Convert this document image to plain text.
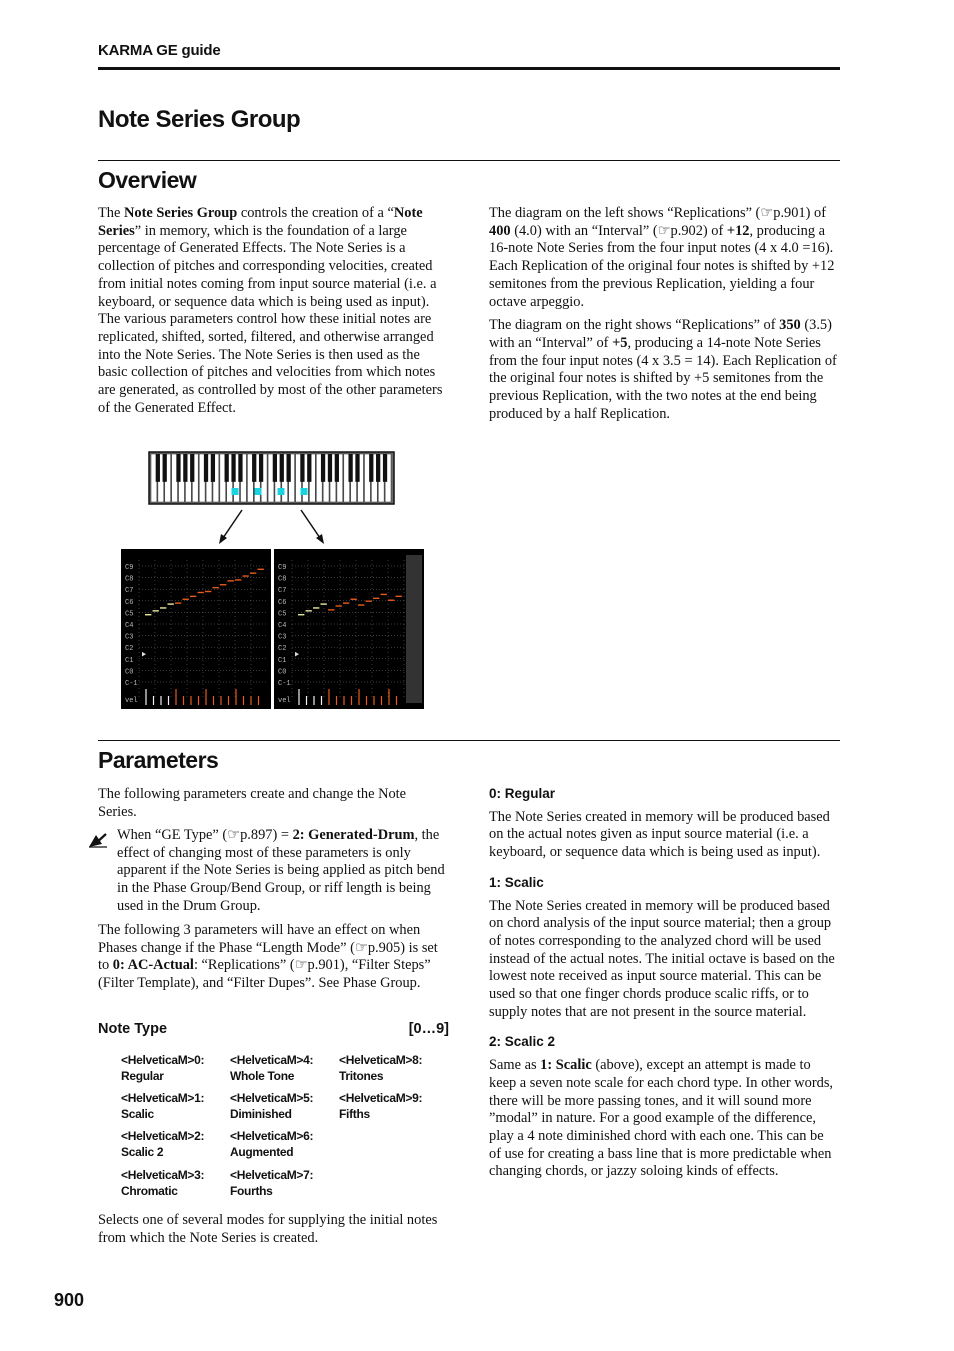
KARMA GE guide
Note Series Group
Overview

The Note Series Group controls the creation of a “Note Series” in memory, which is the foundation of a large percentage of Generated Effects. The Note Series is a collection of pitches and corresponding velocities, created from initial notes coming from input source material (i.e. a keyboard, or sequence data which is being used as input). The various parameters control how these initial notes are replicated, shifted, sorted, filtered, and otherwise arranged into the Note Series. The Note Series is then used as the basic collection of pitches and velocities from which notes are generated, as controlled by most of the other parameters of the Generated Effect.

The diagram on the left shows “Replications” (☞p.901) of 400 (4.0) with an “Interval” (☞p.902) of +12, producing a 16-note Note Series from the four input notes (4 x 4.0 =16). Each Replication of the original four notes is shifted by +12 semitones from the previous Replication, yielding a four octave arpeggio.

The diagram on the right shows “Replications” of 350 (3.5) with an “Interval” of +5, producing a 14-note Note Series from the four input notes (4 x 3.5 = 14). Each Replication of the original four notes is shifted by +5 semitones from the previous Replication, with the two notes at the end being produced by a half Replication.

C9
C8
C7
C6
C5
C4
C3
C2
C1
C0
C-1
vel
C9
C8
C7
C6
C5
C4
C3
C2
C1
C0
C-1
vel
Parameters

The following parameters create and change the Note Series.

When “GE Type” (☞p.897) = 2: Generated-Drum, the effect of changing most of these parameters is only apparent if the Note Series is being applied as pitch bend in the Phase Group/Bend Group, or riff length is being used in the Drum Group.

The following 3 parameters will have an effect on when Phases change if the Phase “Length Mode” (☞p.905) is set to 0: AC-Actual: “Replications” (☞p.901), “Filter Steps” (Filter Template), and “Filter Dupes”. See Phase Group.

Note Type	[0…9]
<HelveticaM>0:
Regular
<HelveticaM>4:
Whole Tone
<HelveticaM>8:
Tritones
<HelveticaM>1:
Scalic
<HelveticaM>5:
Diminished
<HelveticaM>9:
Fifths
<HelveticaM>2:
Scalic 2
<HelveticaM>6:
Augmented
<HelveticaM>3:
Chromatic
<HelveticaM>7:
Fourths

Selects one of several modes for supplying the initial notes from which the Note Series is created.

0: Regular

The Note Series created in memory will be produced based on the actual notes given as input source material (i.e. a keyboard, or sequence data which is being used as input).

1: Scalic

The Note Series created in memory will be produced based on chord analysis of the input source material; then a group of notes corresponding to the analyzed chord will be used instead of the actual notes. The initial octave is based on the lowest note received as input source material. This can be used so that one finger chords produce scalic riffs, or to supply notes that are not present in the source material.

2: Scalic 2

Same as 1: Scalic (above), except an attempt is made to keep a seven note scale for each chord type. In other words, there will be more passing tones, and it will sound more ”modal” in nature. For a good example of the difference, play a 4 note diminished chord with each one. This can be of use for creating a bass line that is more predictable when changing chords, or jazzy soloing kinds of effects.

900
